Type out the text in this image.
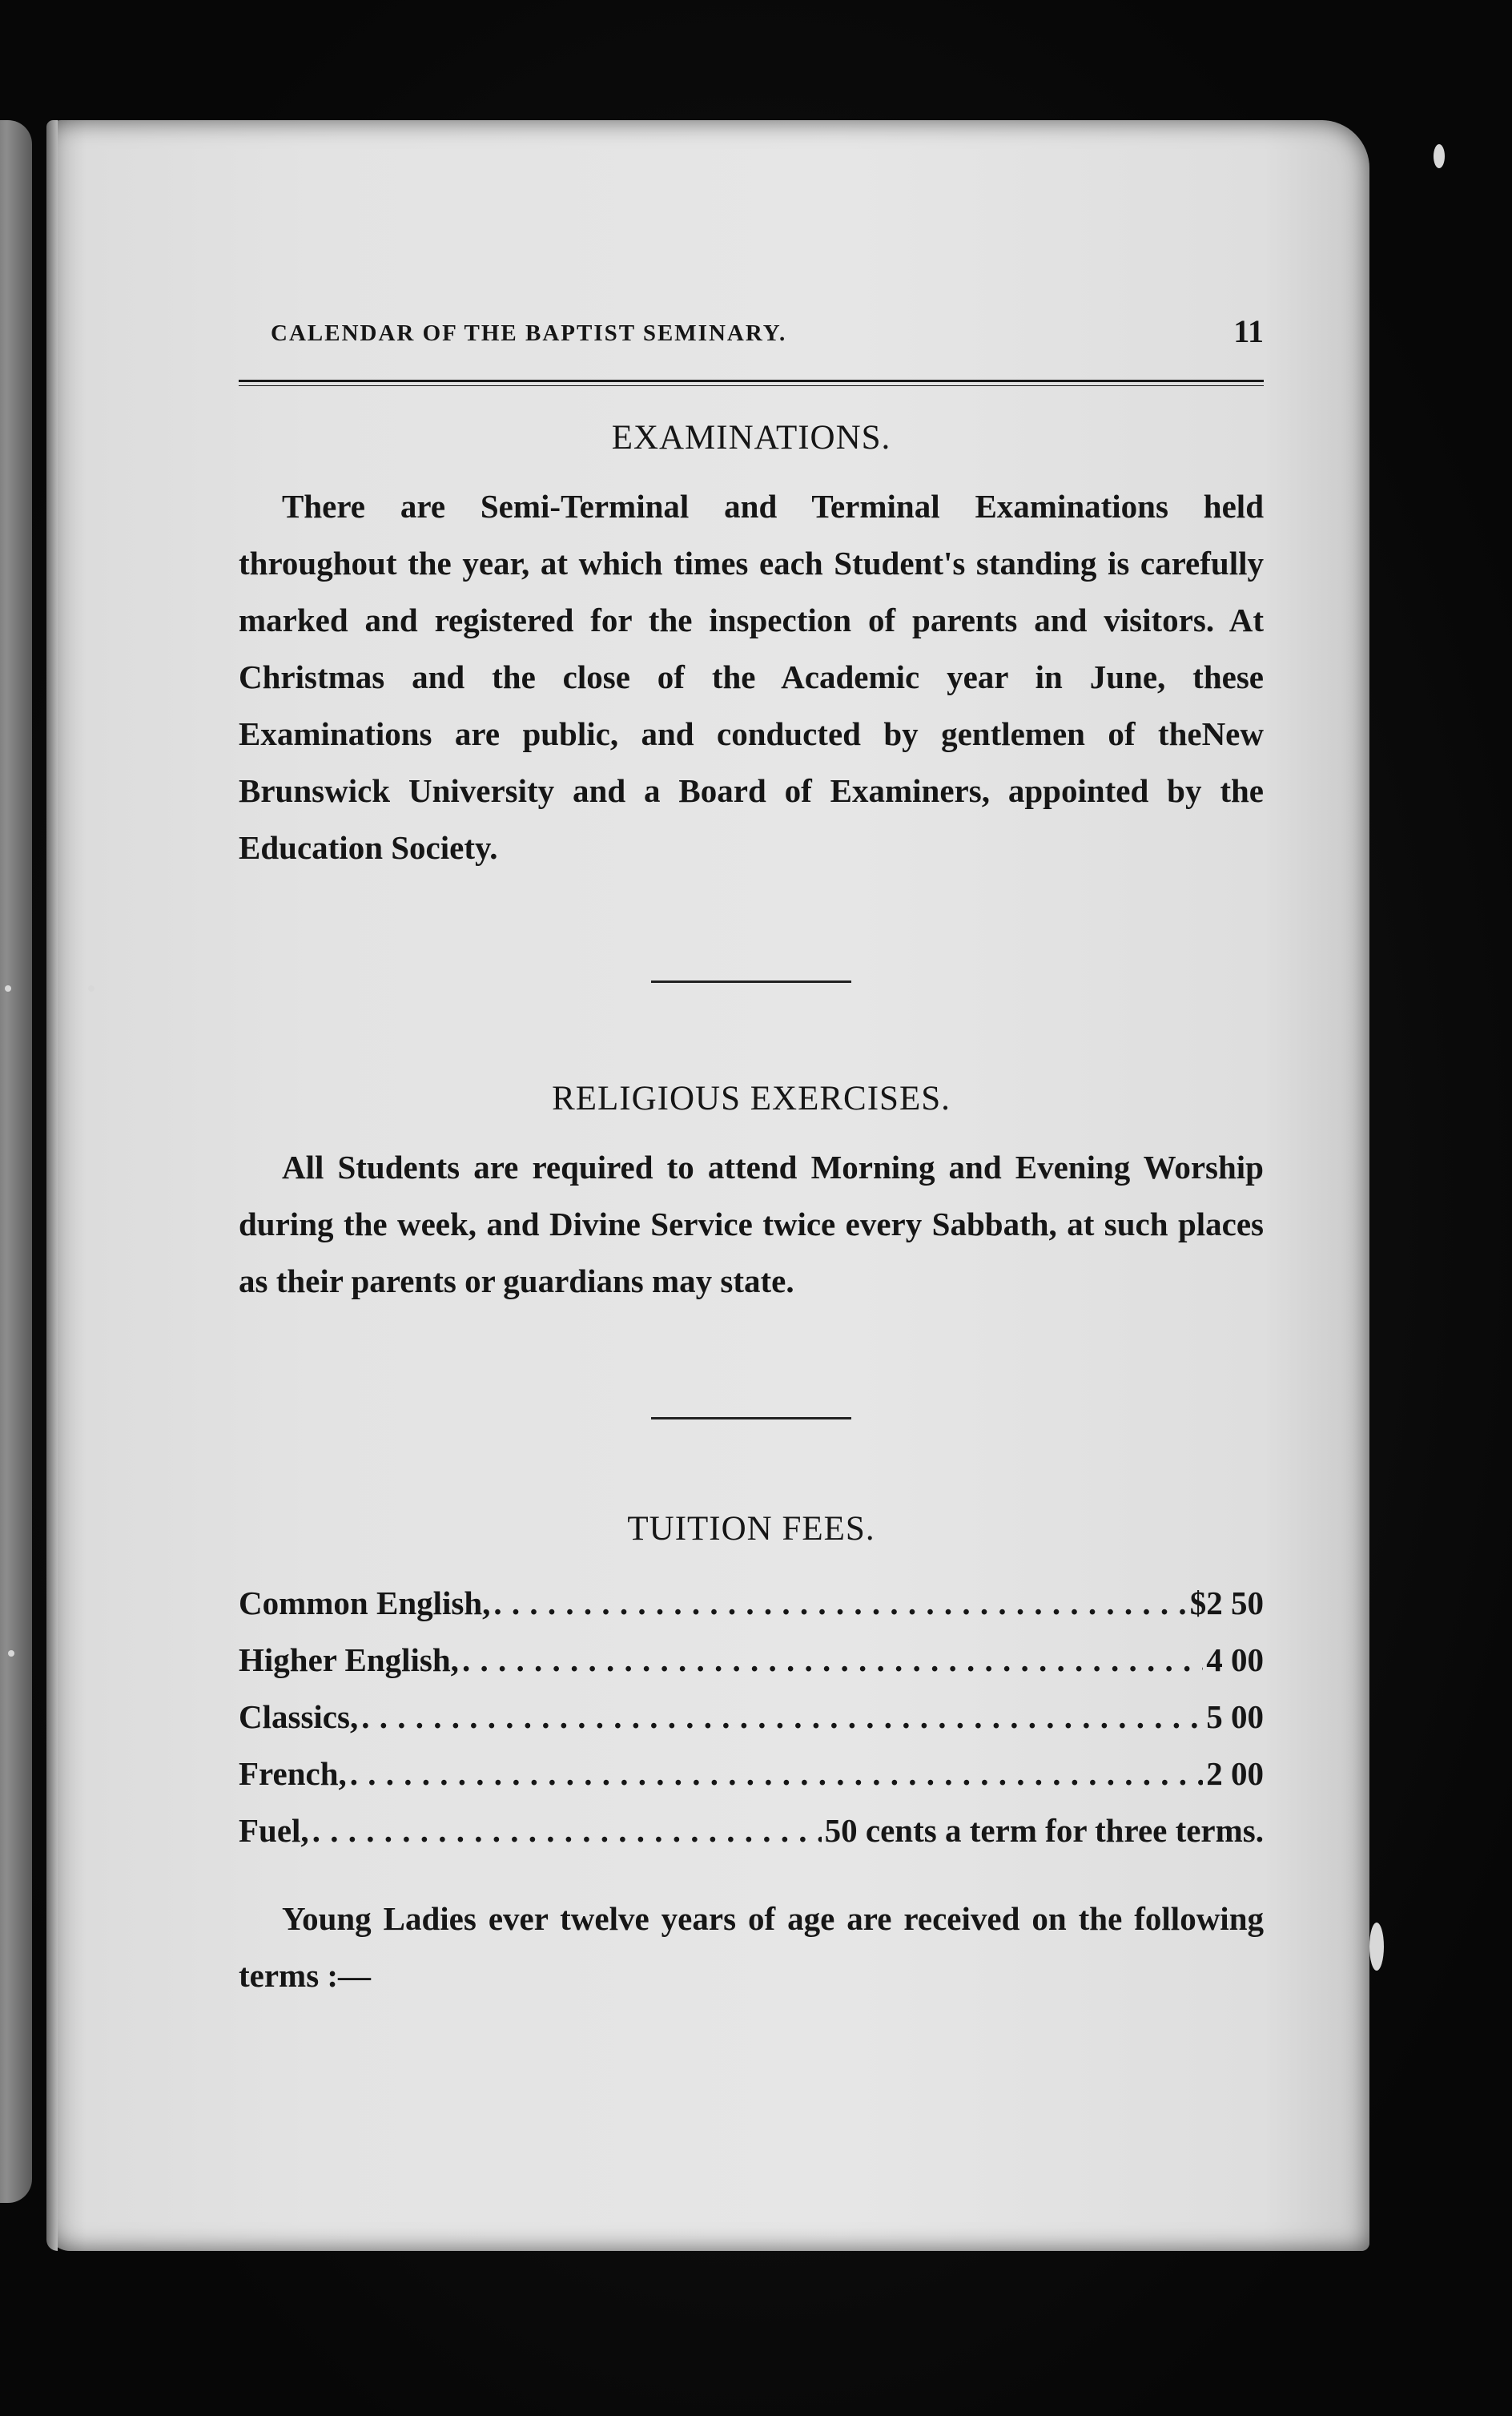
CALENDAR OF THE BAPTIST SEMINARY.	11
EXAMINATIONS.

There are Semi-Terminal and Terminal Examinations held throughout the year, at which times each Student's standing is carefully marked and registered for the inspection of parents and visitors. At Christmas and the close of the Academic year in June, these Examinations are public, and conducted by gentlemen of theNew Brunswick University and a Board of Examiners, appointed by the Education Society.

RELIGIOUS EXERCISES.

All Students are required to attend Morning and Evening Worship during the week, and Divine Service twice every Sabbath, at such places as their parents or guardians may state.

TUITION FEES.
Common English, . . .	$2 50
Higher English, . . .	4 00
Classics, . . .	5 00
French, . . .	2 00
Fuel, . . .	50 cents a term for three terms.

Young Ladies ever twelve years of age are received on the following terms :—
